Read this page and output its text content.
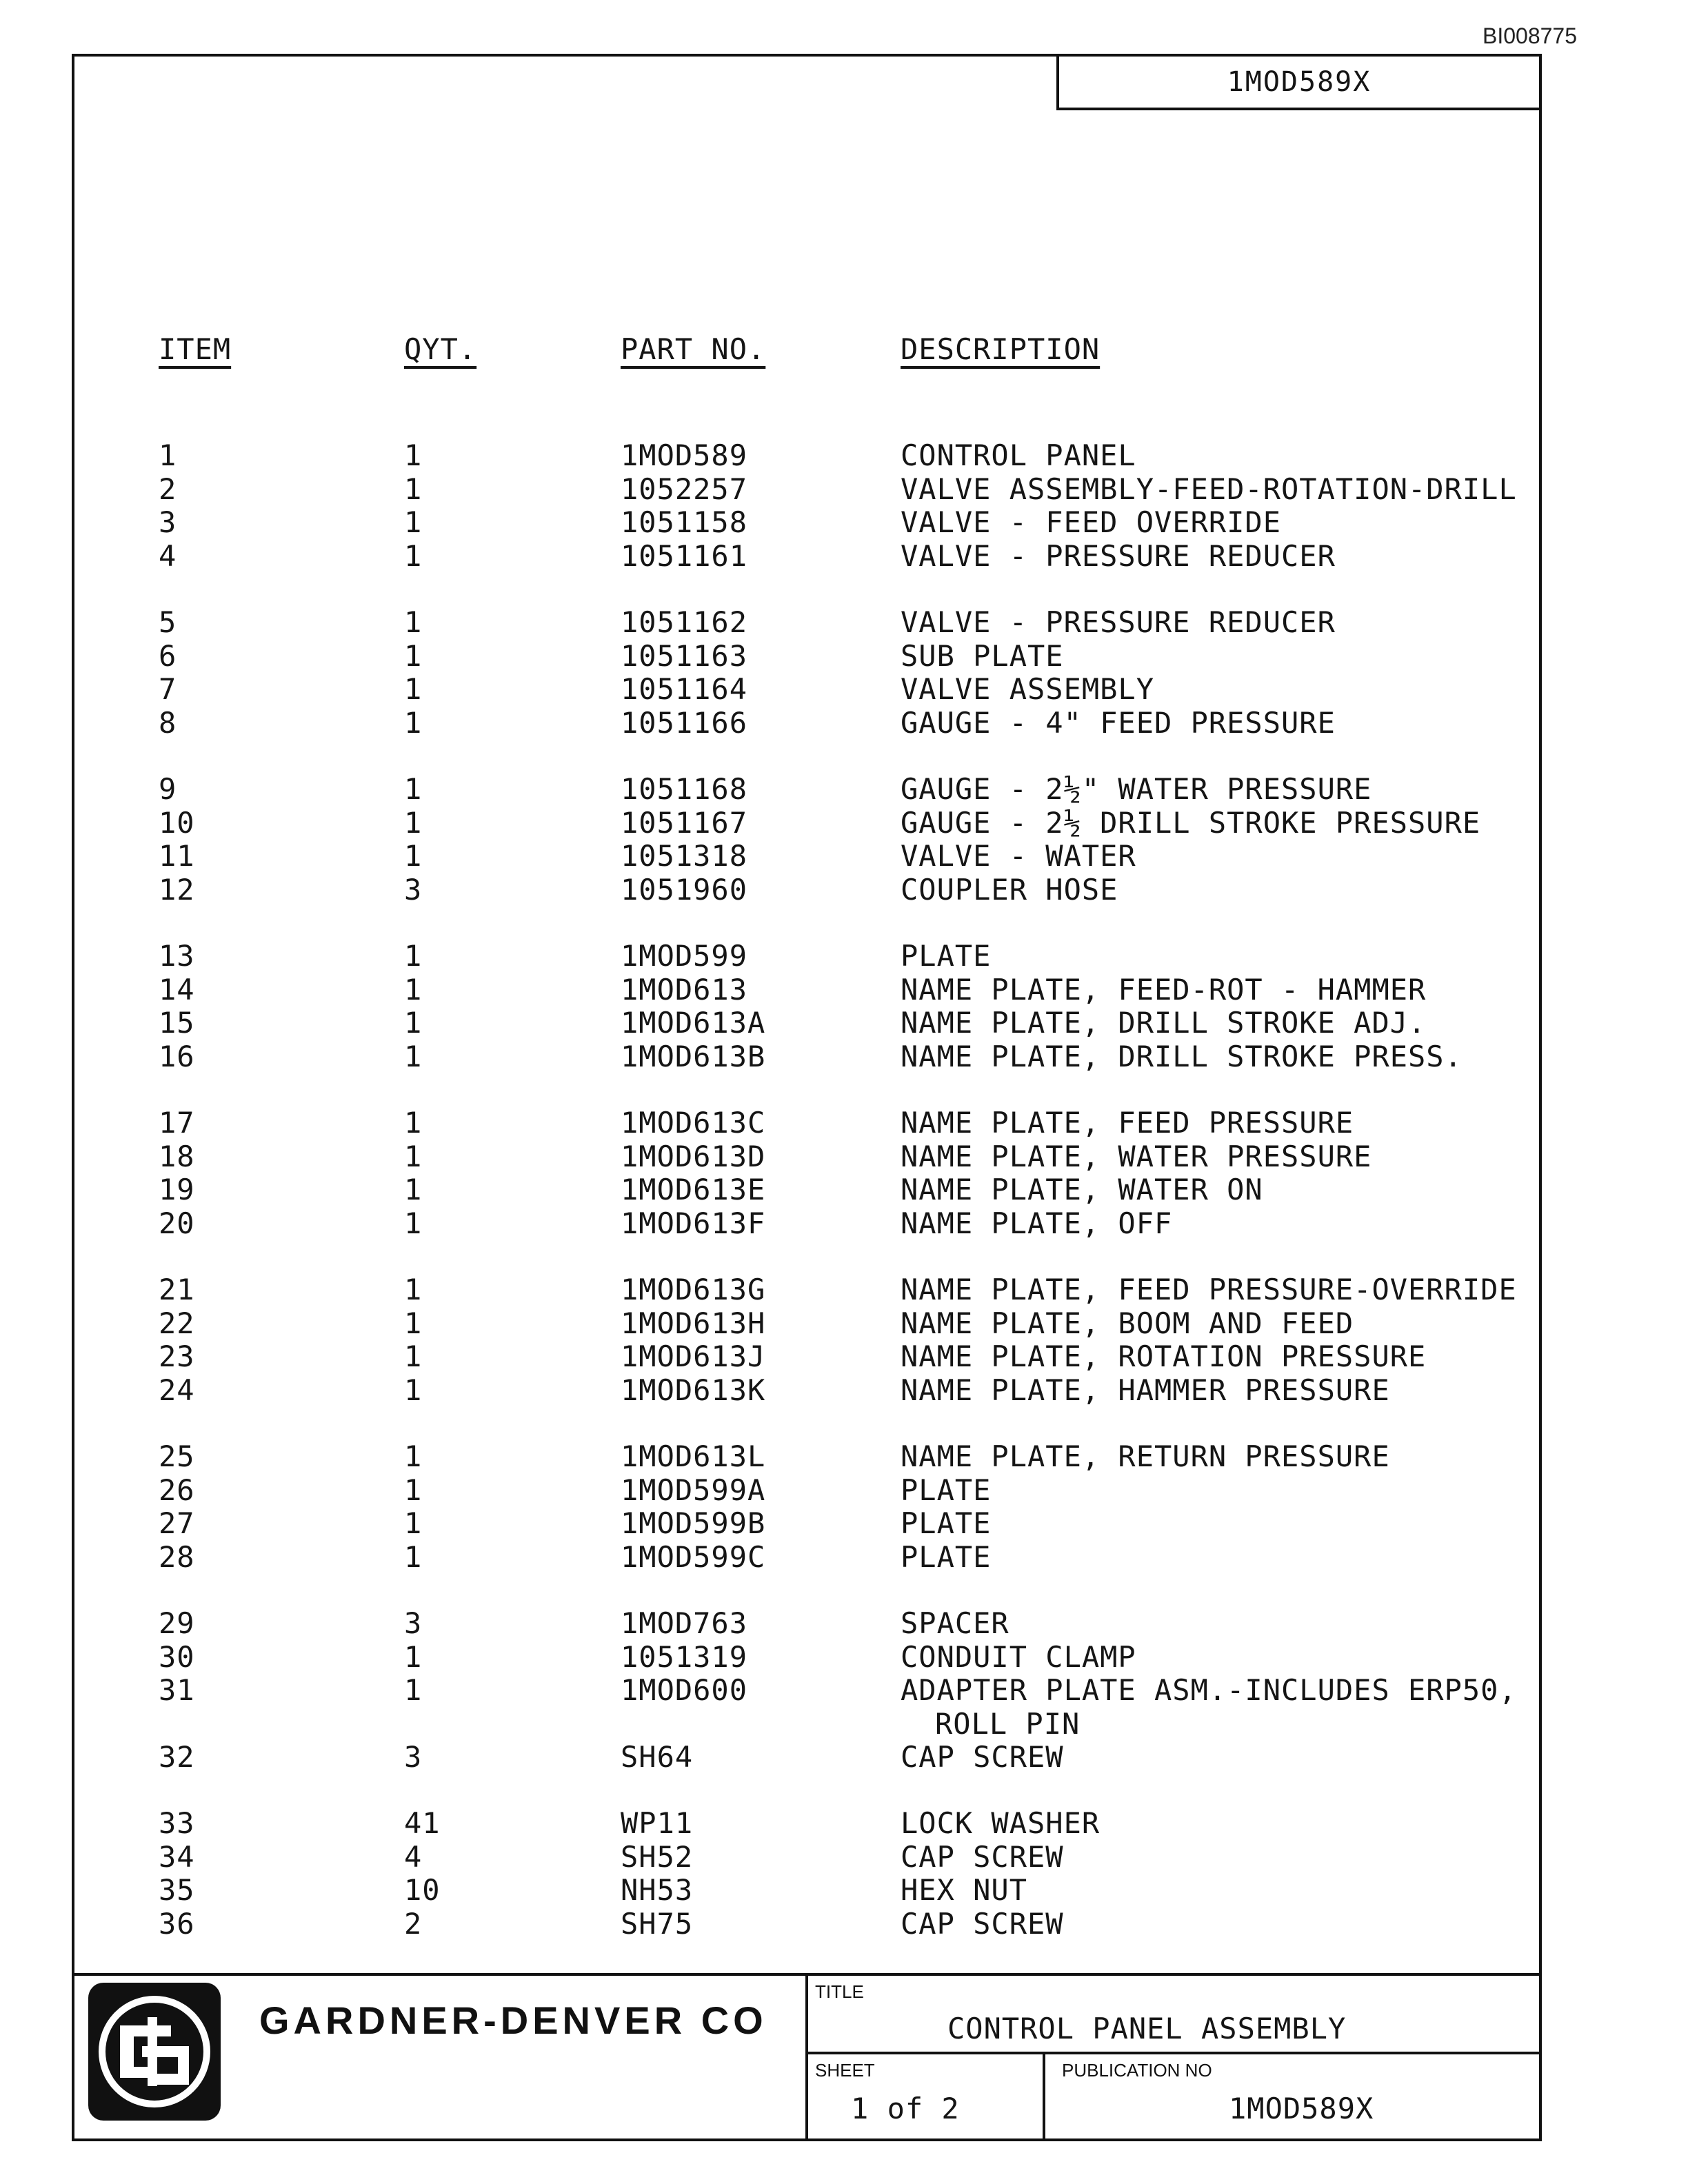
BI008775
1MOD589X
ITEM	QYT.	PART NO.	DESCRIPTION
1	1	1MOD589	CONTROL PANEL
2	1	1052257	VALVE ASSEMBLY-FEED-ROTATION-DRILL
3	1	1051158	VALVE - FEED OVERRIDE
4	1	1051161	VALVE - PRESSURE REDUCER
5	1	1051162	VALVE - PRESSURE REDUCER
6	1	1051163	SUB PLATE
7	1	1051164	VALVE ASSEMBLY
8	1	1051166	GAUGE - 4" FEED PRESSURE
9	1	1051168	GAUGE - 2½" WATER PRESSURE
10	1	1051167	GAUGE - 2½ DRILL STROKE PRESSURE
11	1	1051318	VALVE - WATER
12	3	1051960	COUPLER HOSE
13	1	1MOD599	PLATE
14	1	1MOD613	NAME PLATE, FEED-ROT - HAMMER
15	1	1MOD613A	NAME PLATE, DRILL STROKE ADJ.
16	1	1MOD613B	NAME PLATE, DRILL STROKE PRESS.
17	1	1MOD613C	NAME PLATE, FEED PRESSURE
18	1	1MOD613D	NAME PLATE, WATER PRESSURE
19	1	1MOD613E	NAME PLATE, WATER ON
20	1	1MOD613F	NAME PLATE, OFF
21	1	1MOD613G	NAME PLATE, FEED PRESSURE-OVERRIDE
22	1	1MOD613H	NAME PLATE, BOOM AND FEED
23	1	1MOD613J	NAME PLATE, ROTATION PRESSURE
24	1	1MOD613K	NAME PLATE, HAMMER PRESSURE
25	1	1MOD613L	NAME PLATE, RETURN PRESSURE
26	1	1MOD599A	PLATE
27	1	1MOD599B	PLATE
28	1	1MOD599C	PLATE
29	3	1MOD763	SPACER
30	1	1051319	CONDUIT CLAMP
31	1	1MOD600	ADAPTER PLATE ASM.-INCLUDES ERP50,
ROLL PIN
32	3	SH64	CAP SCREW
33	41	WP11	LOCK WASHER
34	4	SH52	CAP SCREW
35	10	NH53	HEX NUT
36	2	SH75	CAP SCREW
GARDNER-DENVER CO
TITLE
CONTROL PANEL ASSEMBLY
SHEET
1 of 2
PUBLICATION NO
1MOD589X
